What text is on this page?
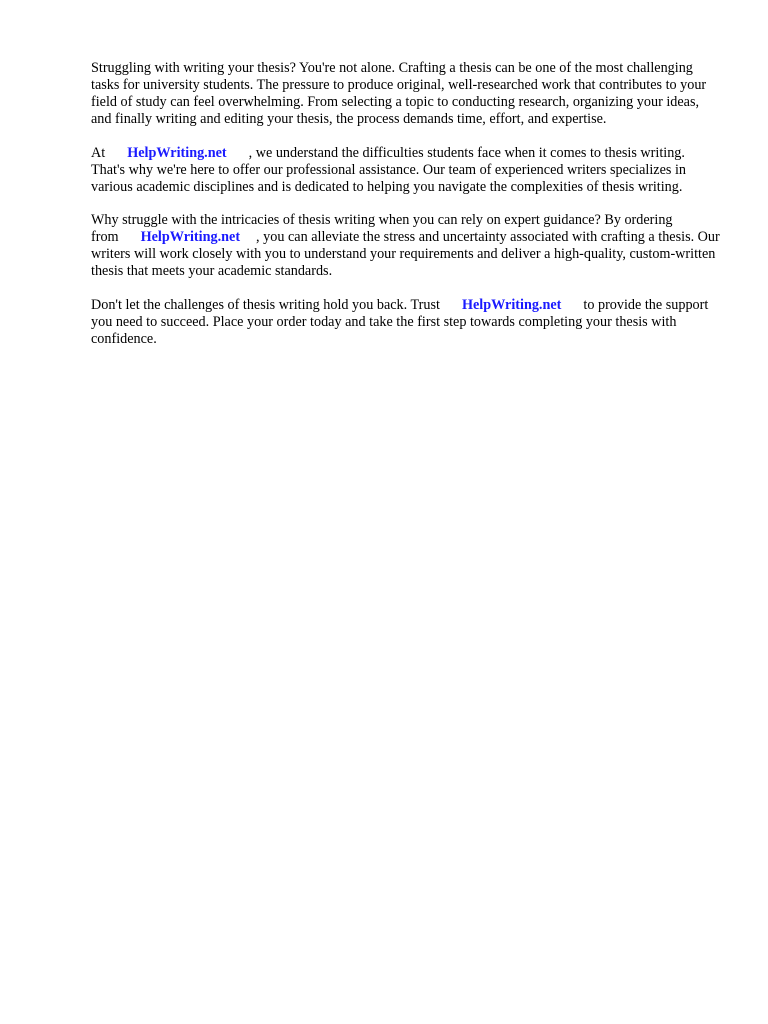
Struggling with writing your thesis? You're not alone. Crafting a thesis can be one of the most challenging tasks for university students. The pressure to produce original, well-researched work that contributes to your field of study can feel overwhelming. From selecting a topic to conducting research, organizing your ideas, and finally writing and editing your thesis, the process demands time, effort, and expertise.

At HelpWriting.net , we understand the difficulties students face when it comes to thesis writing. That's why we're here to offer our professional assistance. Our team of experienced writers specializes in various academic disciplines and is dedicated to helping you navigate the complexities of thesis writing.

Why struggle with the intricacies of thesis writing when you can rely on expert guidance? By ordering from HelpWriting.net , you can alleviate the stress and uncertainty associated with crafting a thesis. Our writers will work closely with you to understand your requirements and deliver a high-quality, custom-written thesis that meets your academic standards.

Don't let the challenges of thesis writing hold you back. Trust HelpWriting.net to provide the support you need to succeed. Place your order today and take the first step towards completing your thesis with confidence.
